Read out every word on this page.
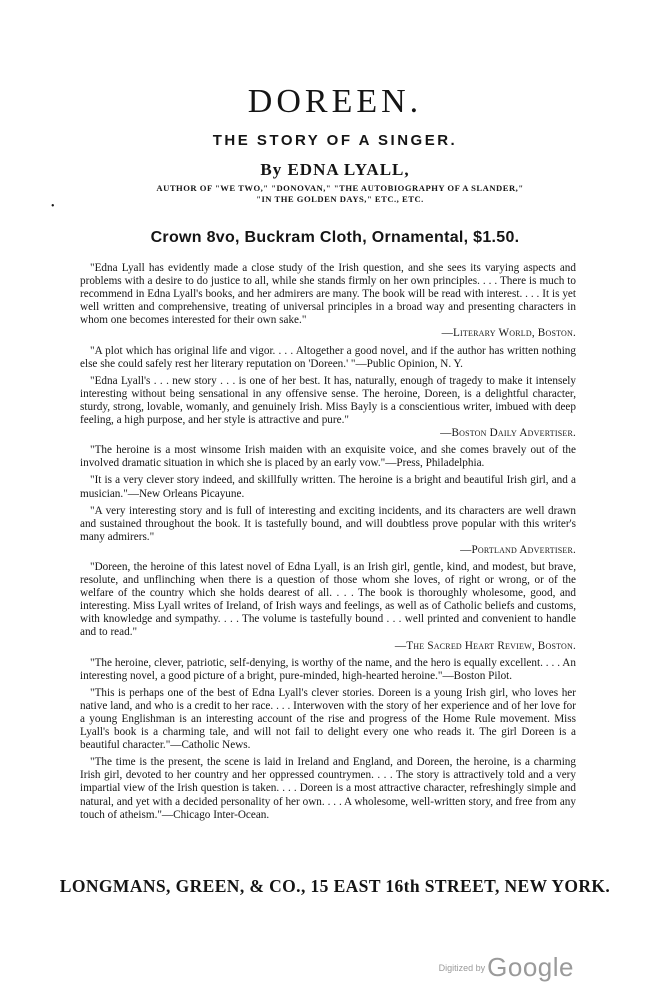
DOREEN.
THE STORY OF A SINGER.
By EDNA LYALL,
AUTHOR OF "WE TWO," "DONOVAN," "THE AUTOBIOGRAPHY OF A SLANDER,"
"IN THE GOLDEN DAYS," ETC., ETC.
•
Crown 8vo, Buckram Cloth, Ornamental, $1.50.

"Edna Lyall has evidently made a close study of the Irish question, and she sees its varying aspects and problems with a desire to do justice to all, while she stands firmly on her own principles. . . . There is much to recommend in Edna Lyall's books, and her admirers are many. The book will be read with interest. . . . It is yet well written and comprehensive, treating of universal principles in a broad way and presenting characters in whom one becomes interested for their own sake."
—Literary World, Boston.

"A plot which has original life and vigor. . . . Altogether a good novel, and if the author has written nothing else she could safely rest her literary reputation on 'Doreen.' "—Public Opinion, N. Y.

"Edna Lyall's . . . new story . . . is one of her best. It has, naturally, enough of tragedy to make it intensely interesting without being sensational in any offensive sense. The heroine, Doreen, is a delightful character, sturdy, strong, lovable, womanly, and genuinely Irish. Miss Bayly is a conscientious writer, imbued with deep feeling, a high purpose, and her style is attractive and pure."
—Boston Daily Advertiser.

"The heroine is a most winsome Irish maiden with an exquisite voice, and she comes bravely out of the involved dramatic situation in which she is placed by an early vow."—Press, Philadelphia.

"It is a very clever story indeed, and skillfully written. The heroine is a bright and beautiful Irish girl, and a musician."—New Orleans Picayune.

"A very interesting story and is full of interesting and exciting incidents, and its characters are well drawn and sustained throughout the book. It is tastefully bound, and will doubtless prove popular with this writer's many admirers."
—Portland Advertiser.

"Doreen, the heroine of this latest novel of Edna Lyall, is an Irish girl, gentle, kind, and modest, but brave, resolute, and unflinching when there is a question of those whom she loves, of right or wrong, or of the welfare of the country which she holds dearest of all. . . . The book is thoroughly wholesome, good, and interesting. Miss Lyall writes of Ireland, of Irish ways and feelings, as well as of Catholic beliefs and customs, with knowledge and sympathy. . . . The volume is tastefully bound . . . well printed and convenient to handle and to read."
—The Sacred Heart Review, Boston.

"The heroine, clever, patriotic, self-denying, is worthy of the name, and the hero is equally excellent. . . . An interesting novel, a good picture of a bright, pure-minded, high-hearted heroine."—Boston Pilot.

"This is perhaps one of the best of Edna Lyall's clever stories. Doreen is a young Irish girl, who loves her native land, and who is a credit to her race. . . . Interwoven with the story of her experience and of her love for a young Englishman is an interesting account of the rise and progress of the Home Rule movement. Miss Lyall's book is a charming tale, and will not fail to delight every one who reads it. The girl Doreen is a beautiful character."—Catholic News.

"The time is the present, the scene is laid in Ireland and England, and Doreen, the heroine, is a charming Irish girl, devoted to her country and her oppressed countrymen. . . . The story is attractively told and a very impartial view of the Irish question is taken. . . . Doreen is a most attractive character, refreshingly simple and natural, and yet with a decided personality of her own. . . . A wholesome, well-written story, and free from any touch of atheism."—Chicago Inter-Ocean.

LONGMANS, GREEN, & CO., 15 EAST 16th STREET, NEW YORK.
$^{Digitized by}$Google
